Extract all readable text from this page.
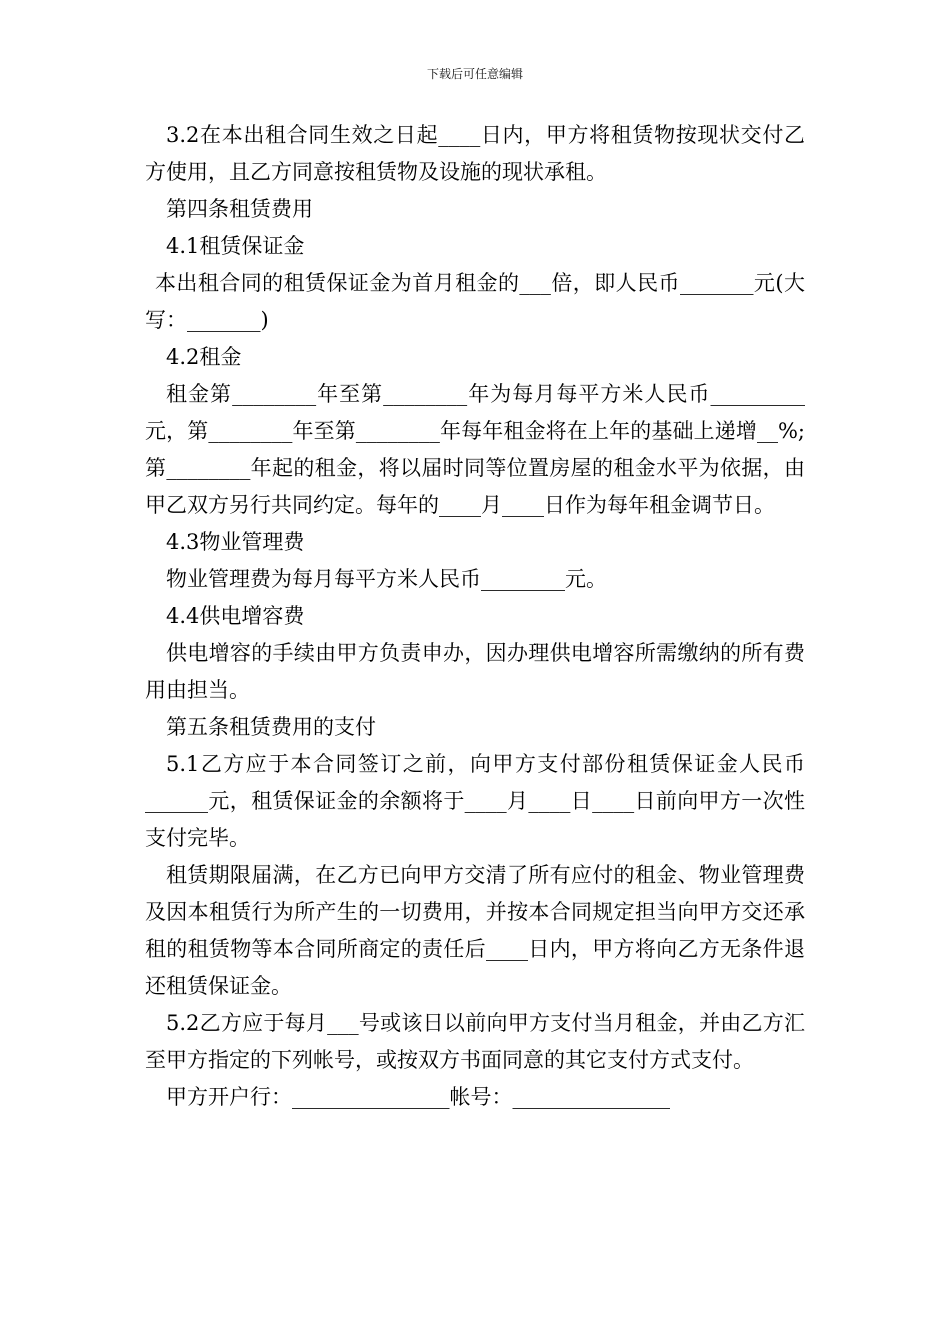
下载后可任意编辑

3.2在本出租合同生效之日起____日内，甲方将租赁物按现状交付乙方使用，且乙方同意按租赁物及设施的现状承租。

第四条租赁费用

4.1租赁保证金

本出租合同的租赁保证金为首月租金的___倍，即人民币_______元(大写：_______)

4.2租金

租金第________年至第________年为每月每平方米人民币_________元，第________年至第________年每年租金将在上年的基础上递增__%;第________年起的租金，将以届时同等位置房屋的租金水平为依据，由甲乙双方另行共同约定。每年的____月____日作为每年租金调节日。

4.3物业管理费

物业管理费为每月每平方米人民币________元。

4.4供电增容费

供电增容的手续由甲方负责申办，因办理供电增容所需缴纳的所有费用由担当。

第五条租赁费用的支付

5.1乙方应于本合同签订之前，向甲方支付部份租赁保证金人民币______元，租赁保证金的余额将于____月____日____日前向甲方一次性支付完毕。

租赁期限届满，在乙方已向甲方交清了所有应付的租金、物业管理费及因本租赁行为所产生的一切费用，并按本合同规定担当向甲方交还承租的租赁物等本合同所商定的责任后____日内，甲方将向乙方无条件退还租赁保证金。

5.2乙方应于每月___号或该日以前向甲方支付当月租金，并由乙方汇至甲方指定的下列帐号，或按双方书面同意的其它支付方式支付。

甲方开户行：_______________帐号：_______________
